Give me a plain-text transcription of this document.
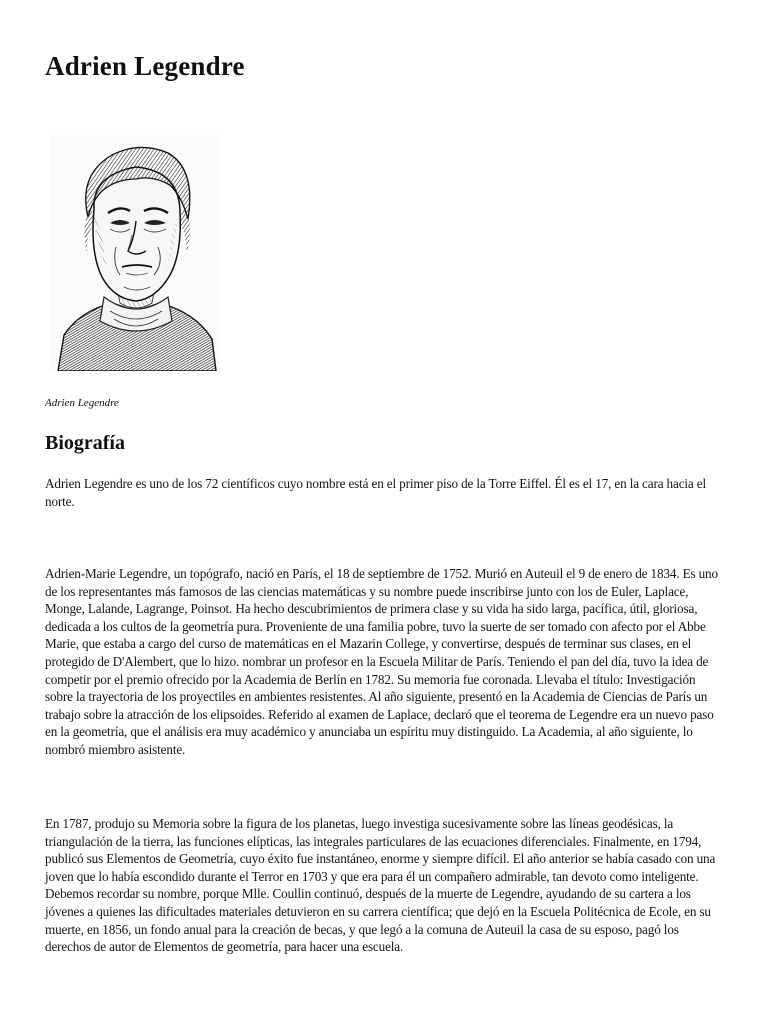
Adrien Legendre
Adrien Legendre
Biografía

Adrien Legendre es uno de los 72 científicos cuyo nombre está en el primer piso de la Torre Eiffel. Él es el 17, en la cara hacia el norte.

Adrien-Marie Legendre, un topógrafo, nació en París, el 18 de septiembre de 1752. Murió en Auteuil el 9 de enero de 1834. Es uno de los representantes más famosos de las ciencias matemáticas y su nombre puede inscribirse junto con los de Euler, Laplace, Monge, Lalande, Lagrange, Poinsot. Ha hecho descubrimientos de primera clase y su vida ha sido larga, pacífica, útil, gloriosa, dedicada a los cultos de la geometría pura. Proveniente de una familia pobre, tuvo la suerte de ser tomado con afecto por el Abbe Marie, que estaba a cargo del curso de matemáticas en el Mazarin College, y convertirse, después de terminar sus clases, en el protegido de D'Alembert, que lo hizo. nombrar un profesor en la Escuela Militar de París. Teniendo el pan del día, tuvo la idea de competir por el premio ofrecido por la Academia de Berlín en 1782. Su memoria fue coronada. Llevaba el título: Investigación sobre la trayectoria de los proyectiles en ambientes resistentes. Al año siguiente, presentó en la Academia de Ciencias de París un trabajo sobre la atracción de los elipsoides. Referido al examen de Laplace, declaró que el teorema de Legendre era un nuevo paso en la geometría, que el análisis era muy académico y anunciaba un espíritu muy distinguido. La Academia, al año siguiente, lo nombró miembro asistente.

En 1787, produjo su Memoria sobre la figura de los planetas, luego investiga sucesivamente sobre las líneas geodésicas, la triangulación de la tierra, las funciones elípticas, las integrales particulares de las ecuaciones diferenciales. Finalmente, en 1794, publicó sus Elementos de Geometría, cuyo éxito fue instantáneo, enorme y siempre difícil. El año anterior se había casado con una joven que lo había escondido durante el Terror en 1703 y que era para él un compañero admirable, tan devoto como inteligente. Debemos recordar su nombre, porque Mlle. Coullin continuó, después de la muerte de Legendre, ayudando de su cartera a los jóvenes a quienes las dificultades materiales detuvieron en su carrera científica; que dejó en la Escuela Politécnica de Ecole, en su muerte, en 1856, un fondo anual para la creación de becas, y que legó a la comuna de Auteuil la casa de su esposo, pagó los derechos de autor de Elementos de geometría, para hacer una escuela.
